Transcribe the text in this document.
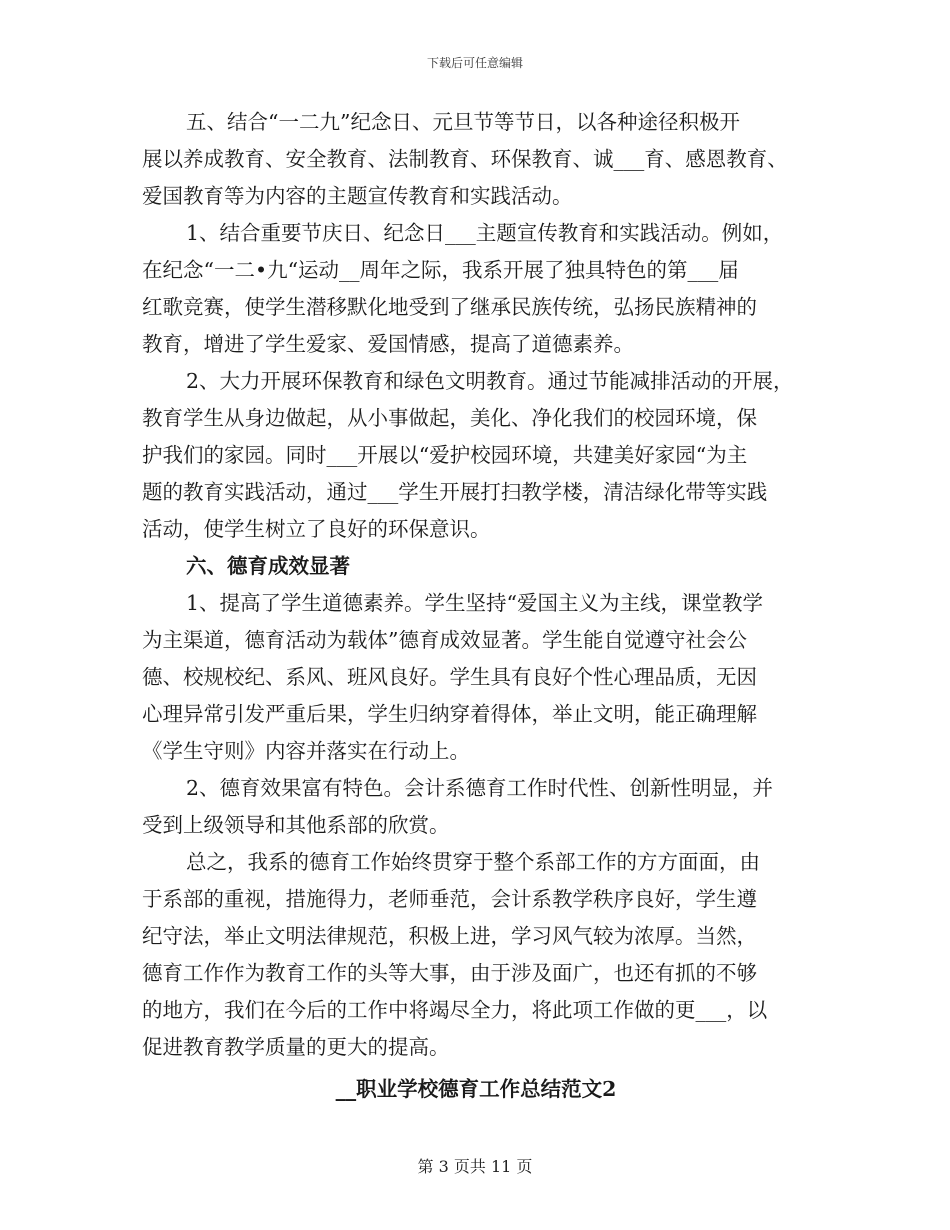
下载后可任意编辑
五、结合“一二九”纪念日、元旦节等节日，以各种途径积极开
展以养成教育、安全教育、法制教育、环保教育、诚___育、感恩教育、
爱国教育等为内容的主题宣传教育和实践活动。
1、结合重要节庆日、纪念日___主题宣传教育和实践活动。例如，
在纪念“一二•九“运动__周年之际，我系开展了独具特色的第___届
红歌竞赛，使学生潜移默化地受到了继承民族传统，弘扬民族精神的
教育，增进了学生爱家、爱国情感，提高了道德素养。
2、大力开展环保教育和绿色文明教育。通过节能减排活动的开展，
教育学生从身边做起，从小事做起，美化、净化我们的校园环境，保
护我们的家园。同时___开展以“爱护校园环境，共建美好家园“为主
题的教育实践活动，通过___学生开展打扫教学楼，清洁绿化带等实践
活动，使学生树立了良好的环保意识。
六、德育成效显著
1、提高了学生道德素养。学生坚持“爱国主义为主线，课堂教学
为主渠道，德育活动为载体”德育成效显著。学生能自觉遵守社会公
德、校规校纪、系风、班风良好。学生具有良好个性心理品质，无因
心理异常引发严重后果，学生归纳穿着得体，举止文明，能正确理解
《学生守则》内容并落实在行动上。
2、德育效果富有特色。会计系德育工作时代性、创新性明显，并
受到上级领导和其他系部的欣赏。
总之，我系的德育工作始终贯穿于整个系部工作的方方面面，由
于系部的重视，措施得力，老师垂范，会计系教学秩序良好，学生遵
纪守法，举止文明法律规范，积极上进，学习风气较为浓厚。当然，
德育工作作为教育工作的头等大事，由于涉及面广，也还有抓的不够
的地方，我们在今后的工作中将竭尽全力，将此项工作做的更___，以
促进教育教学质量的更大的提高。
__职业学校德育工作总结范文2
第 3 页共 11 页
